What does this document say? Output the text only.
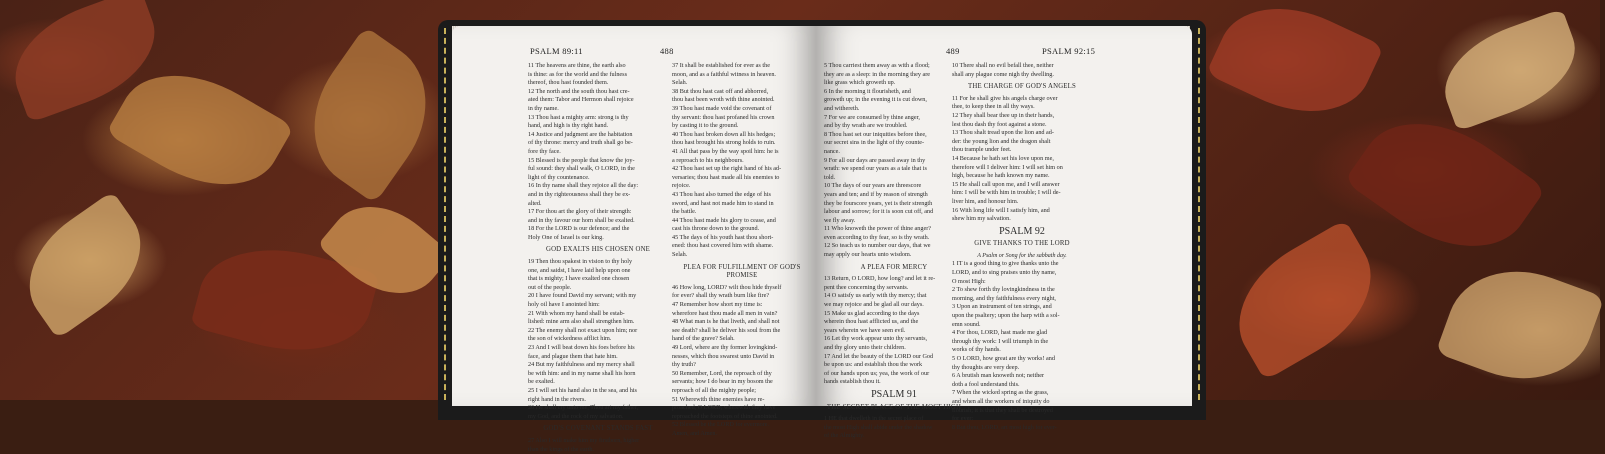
PSALM 89:11	488

11 The heavens are thine, the earth also

is thine: as for the world and the fulness

thereof, thou hast founded them.

12 The north and the south thou hast cre-

ated them: Tabor and Hermon shall rejoice

in thy name.

13 Thou hast a mighty arm: strong is thy

hand, and high is thy right hand.

14 Justice and judgment are the habitation

of thy throne: mercy and truth shall go be-

fore thy face.

15 Blessed is the people that know the joy-

ful sound: they shall walk, O LORD, in the

light of thy countenance.

16 In thy name shall they rejoice all the day:

and in thy righteousness shall they be ex-

alted.

17 For thou art the glory of their strength:

and in thy favour our horn shall be exalted.

18 For the LORD is our defence; and the

Holy One of Israel is our king.

GOD EXALTS HIS CHOSEN ONE

19 Then thou spakest in vision to thy holy

one, and saidst, I have laid help upon one

that is mighty; I have exalted one chosen

out of the people.

20 I have found David my servant; with my

holy oil have I anointed him:

21 With whom my hand shall be estab-

lished: mine arm also shall strengthen him.

22 The enemy shall not exact upon him; nor

the son of wickedness afflict him.

23 And I will beat down his foes before his

face, and plague them that hate him.

24 But my faithfulness and my mercy shall

be with him: and in my name shall his horn

be exalted.

25 I will set his hand also in the sea, and his

right hand in the rivers.

26 He shall cry unto me, Thou art my father,

my God, and the rock of my salvation.

GOD'S COVENANT STANDS FAST

27 Also I will make him my firstborn, higher

than the kings of the earth.

37 It shall be established for ever as the

moon, and as a faithful witness in heaven.

Selah.

38 But thou hast cast off and abhorred,

thou hast been wroth with thine anointed.

39 Thou hast made void the covenant of

thy servant: thou hast profaned his crown

by casting it to the ground.

40 Thou hast broken down all his hedges;

thou hast brought his strong holds to ruin.

41 All that pass by the way spoil him: he is

a reproach to his neighbours.

42 Thou hast set up the right hand of his ad-

versaries; thou hast made all his enemies to

rejoice.

43 Thou hast also turned the edge of his

sword, and hast not made him to stand in

the battle.

44 Thou hast made his glory to cease, and

cast his throne down to the ground.

45 The days of his youth hast thou short-

ened: thou hast covered him with shame.

Selah.

PLEA FOR FULFILLMENT OF GOD'S PROMISE

46 How long, LORD? wilt thou hide thyself

for ever? shall thy wrath burn like fire?

47 Remember how short my time is:

wherefore hast thou made all men in vain?

48 What man is he that liveth, and shall not

see death? shall he deliver his soul from the

hand of the grave? Selah.

49 Lord, where are thy former lovingkind-

nesses, which thou swarest unto David in

thy truth?

50 Remember, Lord, the reproach of thy

servants; how I do bear in my bosom the

reproach of all the mighty people;

51 Wherewith thine enemies have re-

proached, O LORD; wherewith they have

reproached the footsteps of thine anointed.

52 Blessed be the LORD for evermore.

Amen, and Amen.

489	PSALM 92:15

5 Thou carriest them away as with a flood;

they are as a sleep: in the morning they are

like grass which groweth up.

6 In the morning it flourisheth, and

groweth up; in the evening it is cut down,

and withereth.

7 For we are consumed by thine anger,

and by thy wrath are we troubled.

8 Thou hast set our iniquities before thee,

our secret sins in the light of thy counte-

nance.

9 For all our days are passed away in thy

wrath: we spend our years as a tale that is

told.

10 The days of our years are threescore

years and ten; and if by reason of strength

they be fourscore years, yet is their strength

labour and sorrow; for it is soon cut off, and

we fly away.

11 Who knoweth the power of thine anger?

even according to thy fear, so is thy wrath.

12 So teach us to number our days, that we

may apply our hearts unto wisdom.

A PLEA FOR MERCY

13 Return, O LORD, how long? and let it re-

pent thee concerning thy servants.

14 O satisfy us early with thy mercy; that

we may rejoice and be glad all our days.

15 Make us glad according to the days

wherein thou hast afflicted us, and the

years wherein we have seen evil.

16 Let thy work appear unto thy servants,

and thy glory unto their children.

17 And let the beauty of the LORD our God

be upon us: and establish thou the work

of our hands upon us; yea, the work of our

hands establish thou it.

PSALM 91
THE SECRET PLACE OF THE MOST HIGH

1 HE that dwelleth in the secret place of

the most High shall abide under the shadow

of the Almighty.

10 There shall no evil befall thee, neither

shall any plague come nigh thy dwelling.

THE CHARGE OF GOD'S ANGELS

11 For he shall give his angels charge over

thee, to keep thee in all thy ways.

12 They shall bear thee up in their hands,

lest thou dash thy foot against a stone.

13 Thou shalt tread upon the lion and ad-

der: the young lion and the dragon shalt

thou trample under feet.

14 Because he hath set his love upon me,

therefore will I deliver him: I will set him on

high, because he hath known my name.

15 He shall call upon me, and I will answer

him: I will be with him in trouble; I will de-

liver him, and honour him.

16 With long life will I satisfy him, and

shew him my salvation.

PSALM 92
GIVE THANKS TO THE LORD
A Psalm or Song for the sabbath day.

1 IT is a good thing to give thanks unto the

LORD, and to sing praises unto thy name,

O most High:

2 To shew forth thy lovingkindness in the

morning, and thy faithfulness every night,

3 Upon an instrument of ten strings, and

upon the psaltery; upon the harp with a sol-

emn sound.

4 For thou, LORD, hast made me glad

through thy work: I will triumph in the

works of thy hands.

5 O LORD, how great are thy works! and

thy thoughts are very deep.

6 A brutish man knoweth not; neither

doth a fool understand this.

7 When the wicked spring as the grass,

and when all the workers of iniquity do

flourish; it is that they shall be destroyed

for ever:

8 But thou, LORD, art most high for ever-
